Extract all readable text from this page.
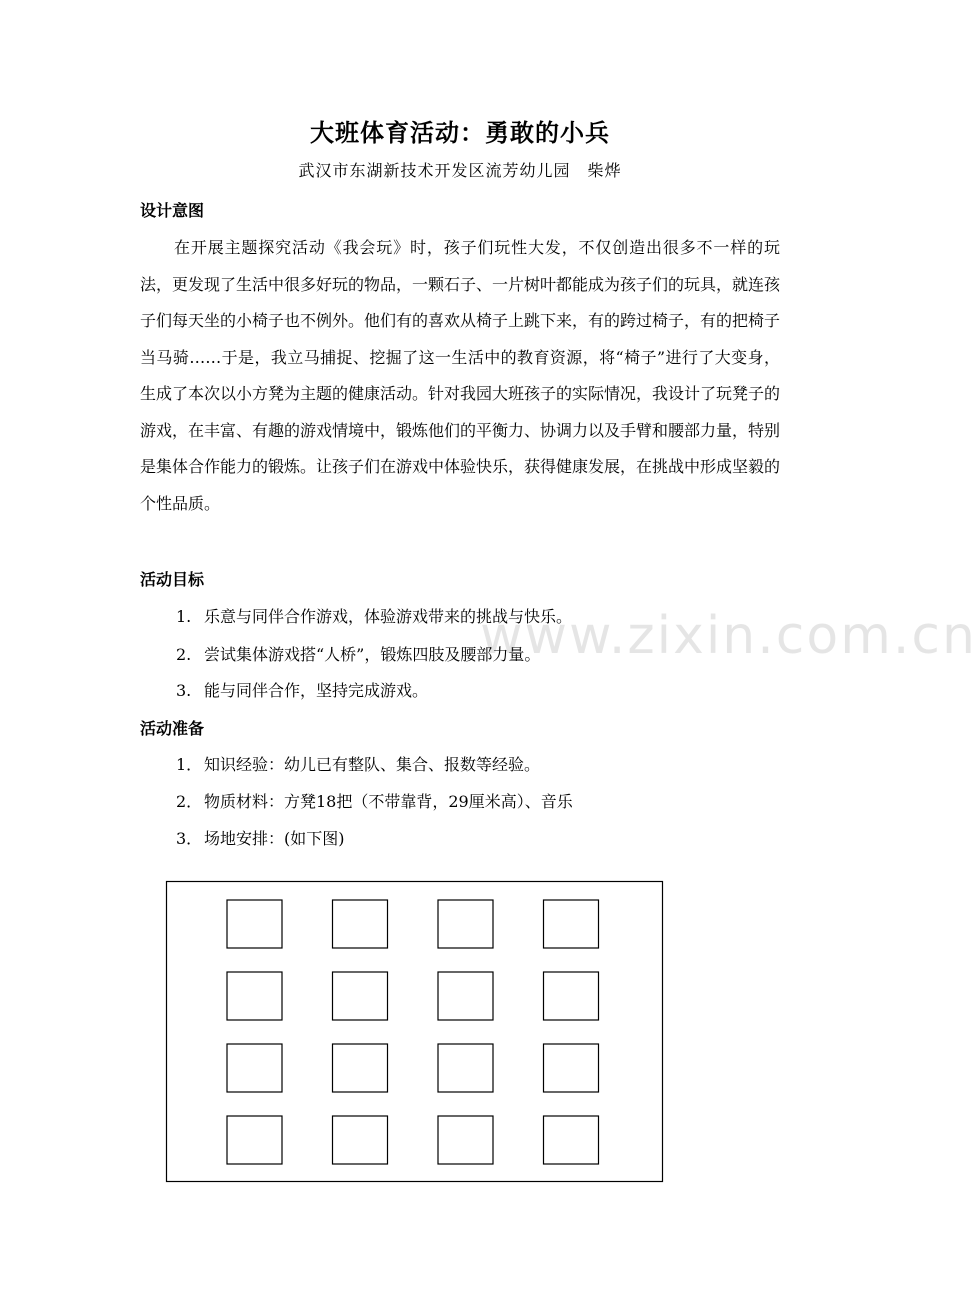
大班体育活动：勇敢的小兵
武汉市东湖新技术开发区流芳幼儿园　柴烨
设计意图

在开展主题探究活动《我会玩》时，孩子们玩性大发，不仅创造出很多不一样的玩法，更发现了生活中很多好玩的物品，一颗石子、一片树叶都能成为孩子们的玩具，就连孩子们每天坐的小椅子也不例外。他们有的喜欢从椅子上跳下来，有的跨过椅子，有的把椅子当马骑……于是，我立马捕捉、挖掘了这一生活中的教育资源，将“椅子”进行了大变身，生成了本次以小方凳为主题的健康活动。针对我园大班孩子的实际情况，我设计了玩凳子的游戏，在丰富、有趣的游戏情境中，锻炼他们的平衡力、协调力以及手臂和腰部力量，特别是集体合作能力的锻炼。让孩子们在游戏中体验快乐，获得健康发展，在挑战中形成坚毅的个性品质。

活动目标
1. 乐意与同伴合作游戏，体验游戏带来的挑战与快乐。
2. 尝试集体游戏搭“人桥”，锻炼四肢及腰部力量。
3. 能与同伴合作，坚持完成游戏。
活动准备
1． 知识经验：幼儿已有整队、集合、报数等经验。
2． 物质材料：方凳18把（不带靠背，29厘米高）、音乐
3． 场地安排：(如下图)
www.zixin.com.cn
